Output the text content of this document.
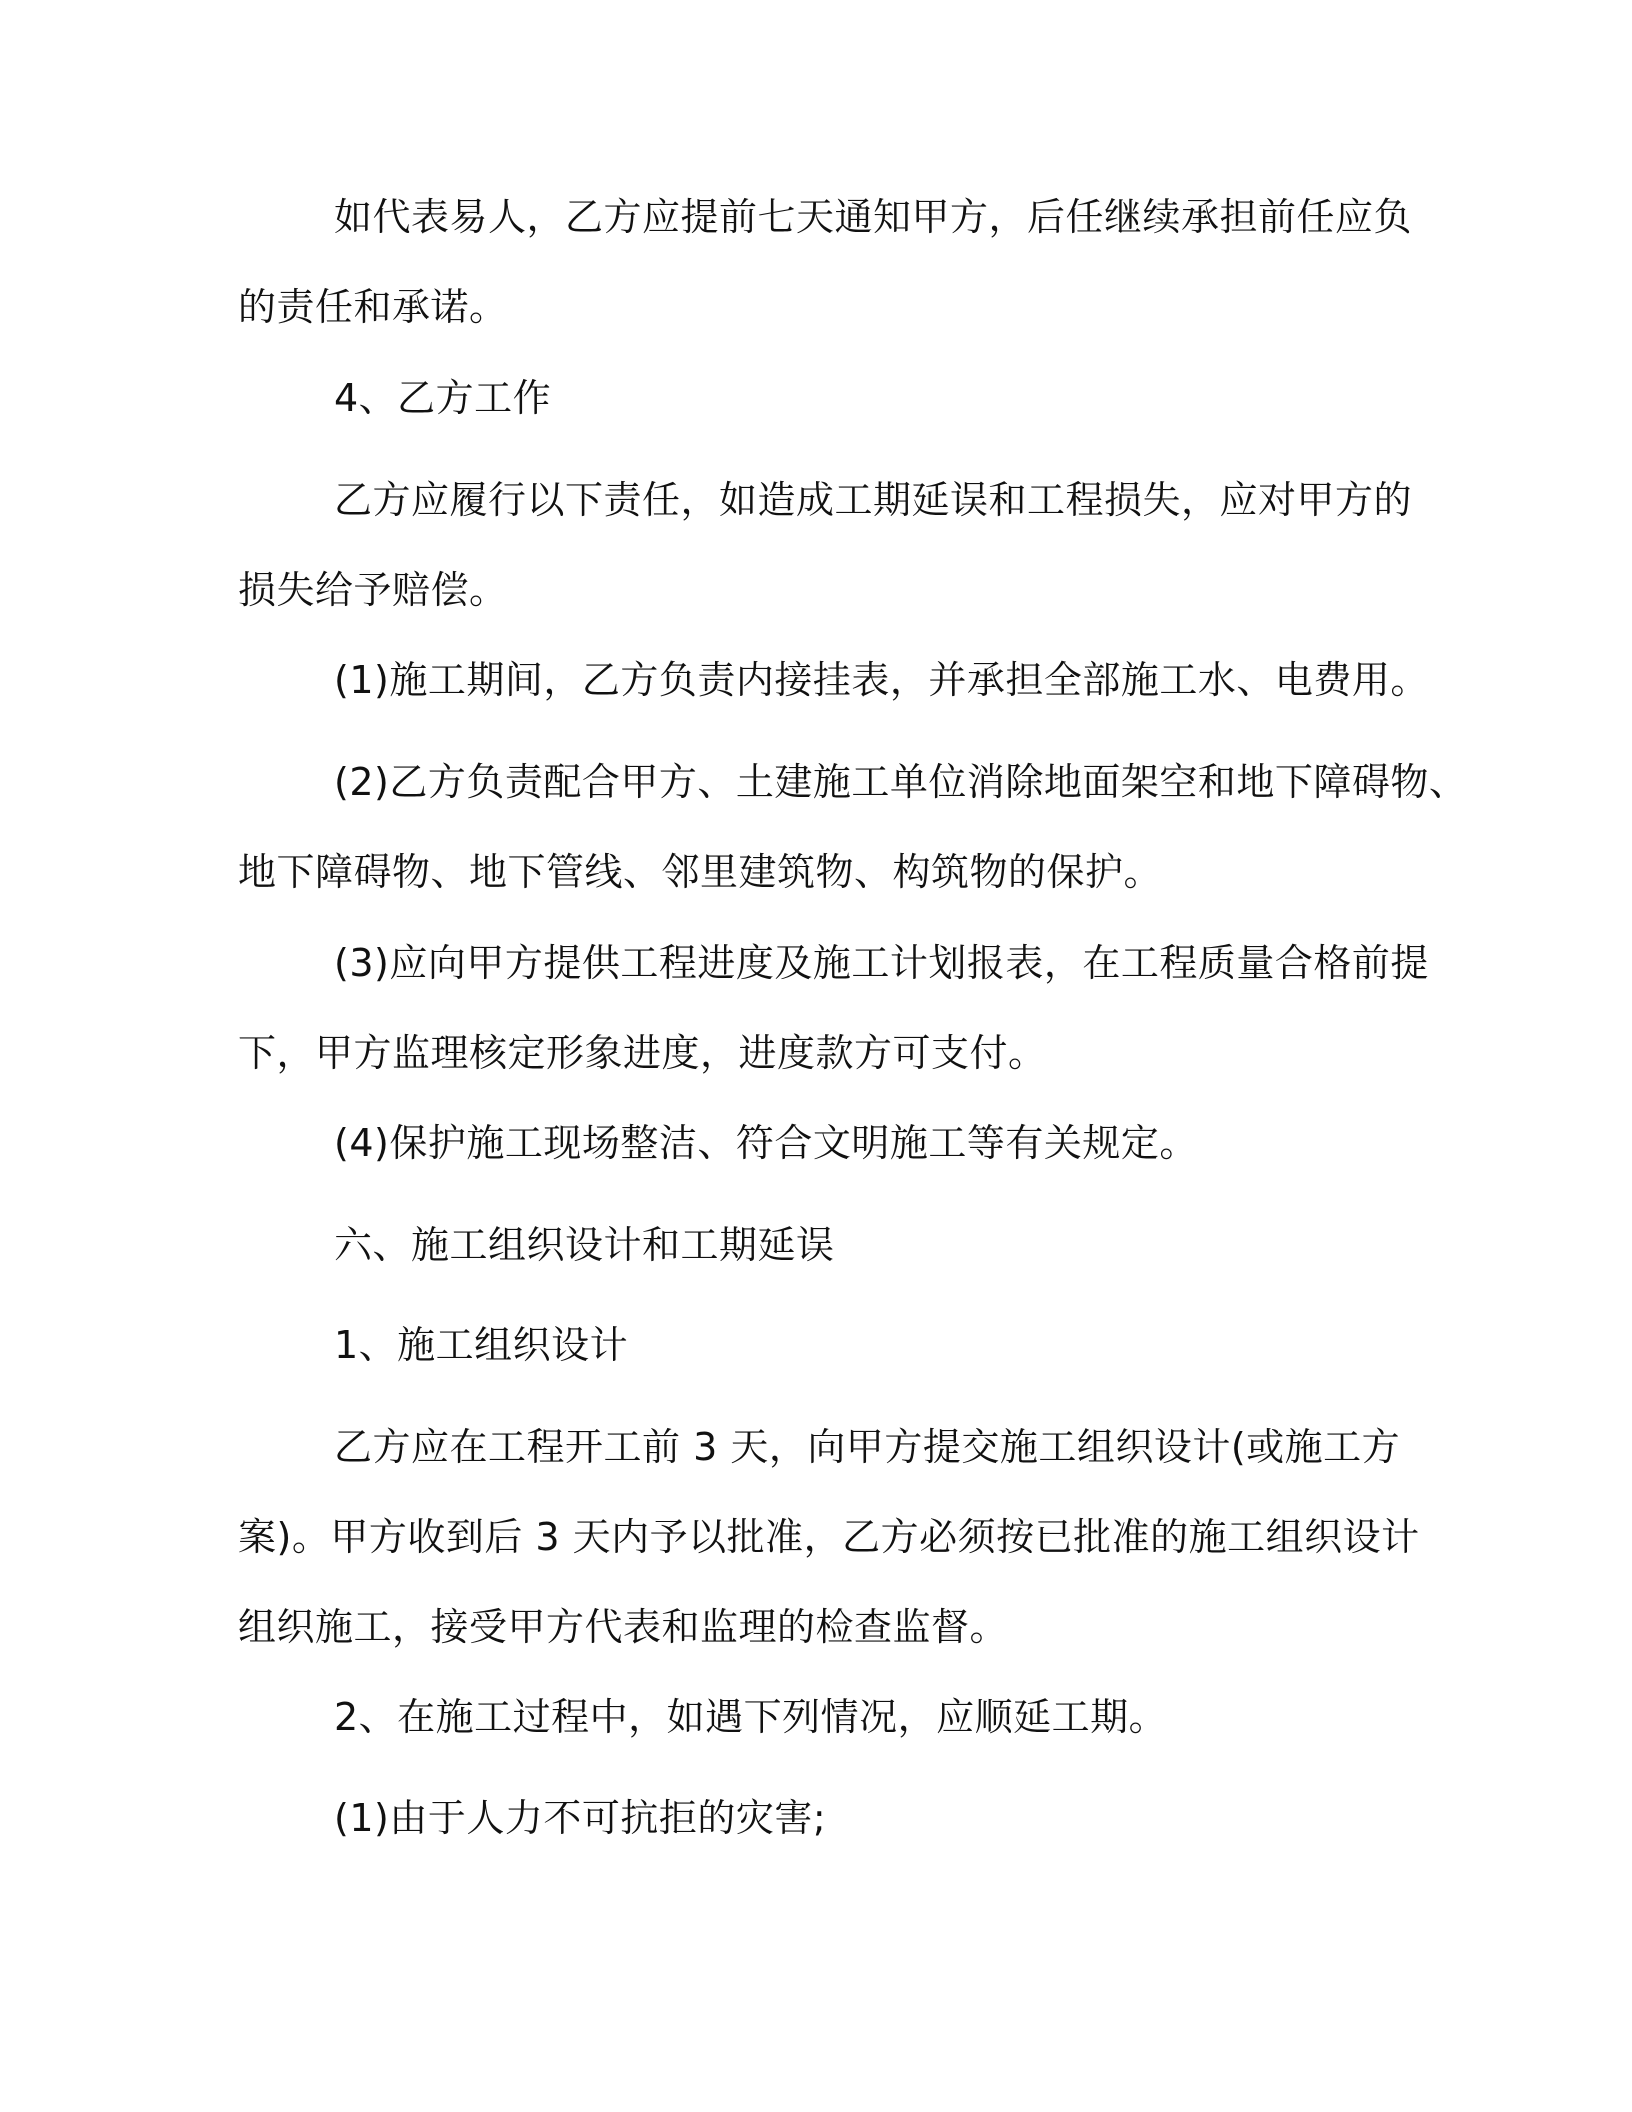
如代表易人，乙方应提前七天通知甲方，后任继续承担前任应负
的责任和承诺。
4、乙方工作
乙方应履行以下责任，如造成工期延误和工程损失，应对甲方的
损失给予赔偿。
(1)施工期间，乙方负责内接挂表，并承担全部施工水、电费用。
(2)乙方负责配合甲方、土建施工单位消除地面架空和地下障碍物、
地下障碍物、地下管线、邻里建筑物、构筑物的保护。
(3)应向甲方提供工程进度及施工计划报表，在工程质量合格前提
下，甲方监理核定形象进度，进度款方可支付。
(4)保护施工现场整洁、符合文明施工等有关规定。
六、施工组织设计和工期延误
1、施工组织设计
乙方应在工程开工前 3 天，向甲方提交施工组织设计(或施工方
案)。甲方收到后 3 天内予以批准，乙方必须按已批准的施工组织设计
组织施工，接受甲方代表和监理的检查监督。
2、在施工过程中，如遇下列情况，应顺延工期。
(1)由于人力不可抗拒的灾害;
